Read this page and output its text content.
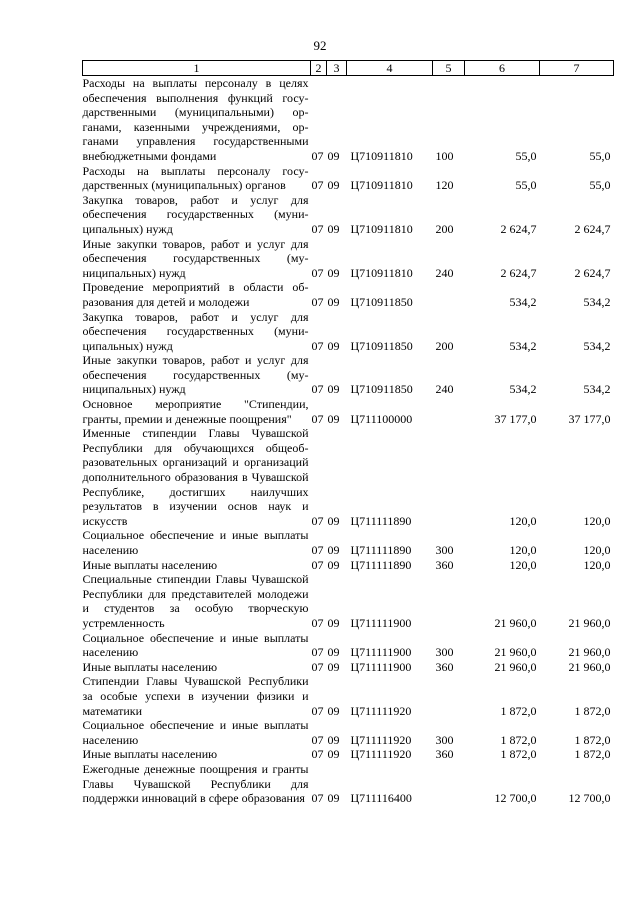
92
1	2	3	4	5	6	7
Расходы на выплаты персоналу в целях обеспечения выполнения функций государственными (муниципальными) органами, казенными учреждениями, органами управления государственными внебюджетными фондами	07	09	Ц710911810	100	55,0	55,0
Расходы на выплаты персоналу государственных (муниципальных) органов	07	09	Ц710911810	120	55,0	55,0
Закупка товаров, работ и услуг для обеспечения государственных (муниципальных) нужд	07	09	Ц710911810	200	2 624,7	2 624,7
Иные закупки товаров, работ и услуг для обеспечения государственных (муниципальных) нужд	07	09	Ц710911810	240	2 624,7	2 624,7
Проведение мероприятий в области образования для детей и молодежи	07	09	Ц710911850		534,2	534,2
Закупка товаров, работ и услуг для обеспечения государственных (муниципальных) нужд	07	09	Ц710911850	200	534,2	534,2
Иные закупки товаров, работ и услуг для обеспечения государственных (муниципальных) нужд	07	09	Ц710911850	240	534,2	534,2
Основное мероприятие "Стипендии, гранты, премии и денежные поощрения"	07	09	Ц711100000		37 177,0	37 177,0
Именные стипендии Главы Чувашской Республики для обучающихся общеобразовательных организаций и организаций дополнительного образования в Чувашской Республике, достигших наилучших результатов в изучении основ наук и искусств	07	09	Ц711111890		120,0	120,0
Социальное обеспечение и иные выплаты населению	07	09	Ц711111890	300	120,0	120,0
Иные выплаты населению	07	09	Ц711111890	360	120,0	120,0
Специальные стипендии Главы Чувашской Республики для представителей молодежи и студентов за особую творческую устремленность	07	09	Ц711111900		21 960,0	21 960,0
Социальное обеспечение и иные выплаты населению	07	09	Ц711111900	300	21 960,0	21 960,0
Иные выплаты населению	07	09	Ц711111900	360	21 960,0	21 960,0
Стипендии Главы Чувашской Республики за особые успехи в изучении физики и математики	07	09	Ц711111920		1 872,0	1 872,0
Социальное обеспечение и иные выплаты населению	07	09	Ц711111920	300	1 872,0	1 872,0
Иные выплаты населению	07	09	Ц711111920	360	1 872,0	1 872,0
Ежегодные денежные поощрения и гранты Главы Чувашской Республики для поддержки инноваций в сфере образования	07	09	Ц711116400		12 700,0	12 700,0
